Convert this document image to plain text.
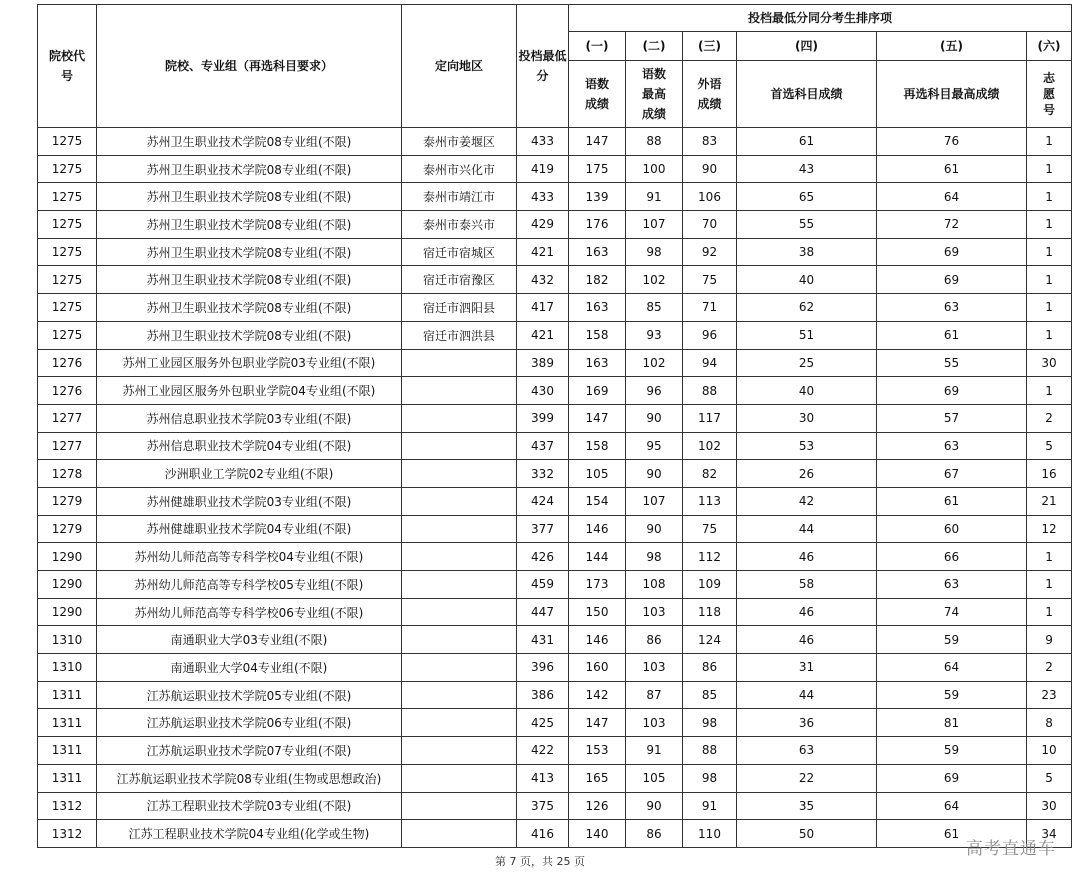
院校代号	院校、专业组（再选科目要求）	定向地区	投档最低分	投档最低分同分考生排序项					
				(一)	(二)	(三)	(四)	(五)	(六)
				语数成绩	语数最高成绩	外语成绩	首选科目成绩	再选科目最高成绩	志愿号
1275	苏州卫生职业技术学院08专业组(不限)	泰州市姜堰区	433	147	88	83	61	76	1
1275	苏州卫生职业技术学院08专业组(不限)	泰州市兴化市	419	175	100	90	43	61	1
1275	苏州卫生职业技术学院08专业组(不限)	泰州市靖江市	433	139	91	106	65	64	1
1275	苏州卫生职业技术学院08专业组(不限)	泰州市泰兴市	429	176	107	70	55	72	1
1275	苏州卫生职业技术学院08专业组(不限)	宿迁市宿城区	421	163	98	92	38	69	1
1275	苏州卫生职业技术学院08专业组(不限)	宿迁市宿豫区	432	182	102	75	40	69	1
1275	苏州卫生职业技术学院08专业组(不限)	宿迁市泗阳县	417	163	85	71	62	63	1
1275	苏州卫生职业技术学院08专业组(不限)	宿迁市泗洪县	421	158	93	96	51	61	1
1276	苏州工业园区服务外包职业学院03专业组(不限)		389	163	102	94	25	55	30
1276	苏州工业园区服务外包职业学院04专业组(不限)		430	169	96	88	40	69	1
1277	苏州信息职业技术学院03专业组(不限)		399	147	90	117	30	57	2
1277	苏州信息职业技术学院04专业组(不限)		437	158	95	102	53	63	5
1278	沙洲职业工学院02专业组(不限)		332	105	90	82	26	67	16
1279	苏州健雄职业技术学院03专业组(不限)		424	154	107	113	42	61	21
1279	苏州健雄职业技术学院04专业组(不限)		377	146	90	75	44	60	12
1290	苏州幼儿师范高等专科学校04专业组(不限)		426	144	98	112	46	66	1
1290	苏州幼儿师范高等专科学校05专业组(不限)		459	173	108	109	58	63	1
1290	苏州幼儿师范高等专科学校06专业组(不限)		447	150	103	118	46	74	1
1310	南通职业大学03专业组(不限)		431	146	86	124	46	59	9
1310	南通职业大学04专业组(不限)		396	160	103	86	31	64	2
1311	江苏航运职业技术学院05专业组(不限)		386	142	87	85	44	59	23
1311	江苏航运职业技术学院06专业组(不限)		425	147	103	98	36	81	8
1311	江苏航运职业技术学院07专业组(不限)		422	153	91	88	63	59	10
1311	江苏航运职业技术学院08专业组(生物或思想政治)		413	165	105	98	22	69	5
1312	江苏工程职业技术学院03专业组(不限)		375	126	90	91	35	64	30
1312	江苏工程职业技术学院04专业组(化学或生物)		416	140	86	110	50	61	34
第 7 页，共 25 页
高考直通车
